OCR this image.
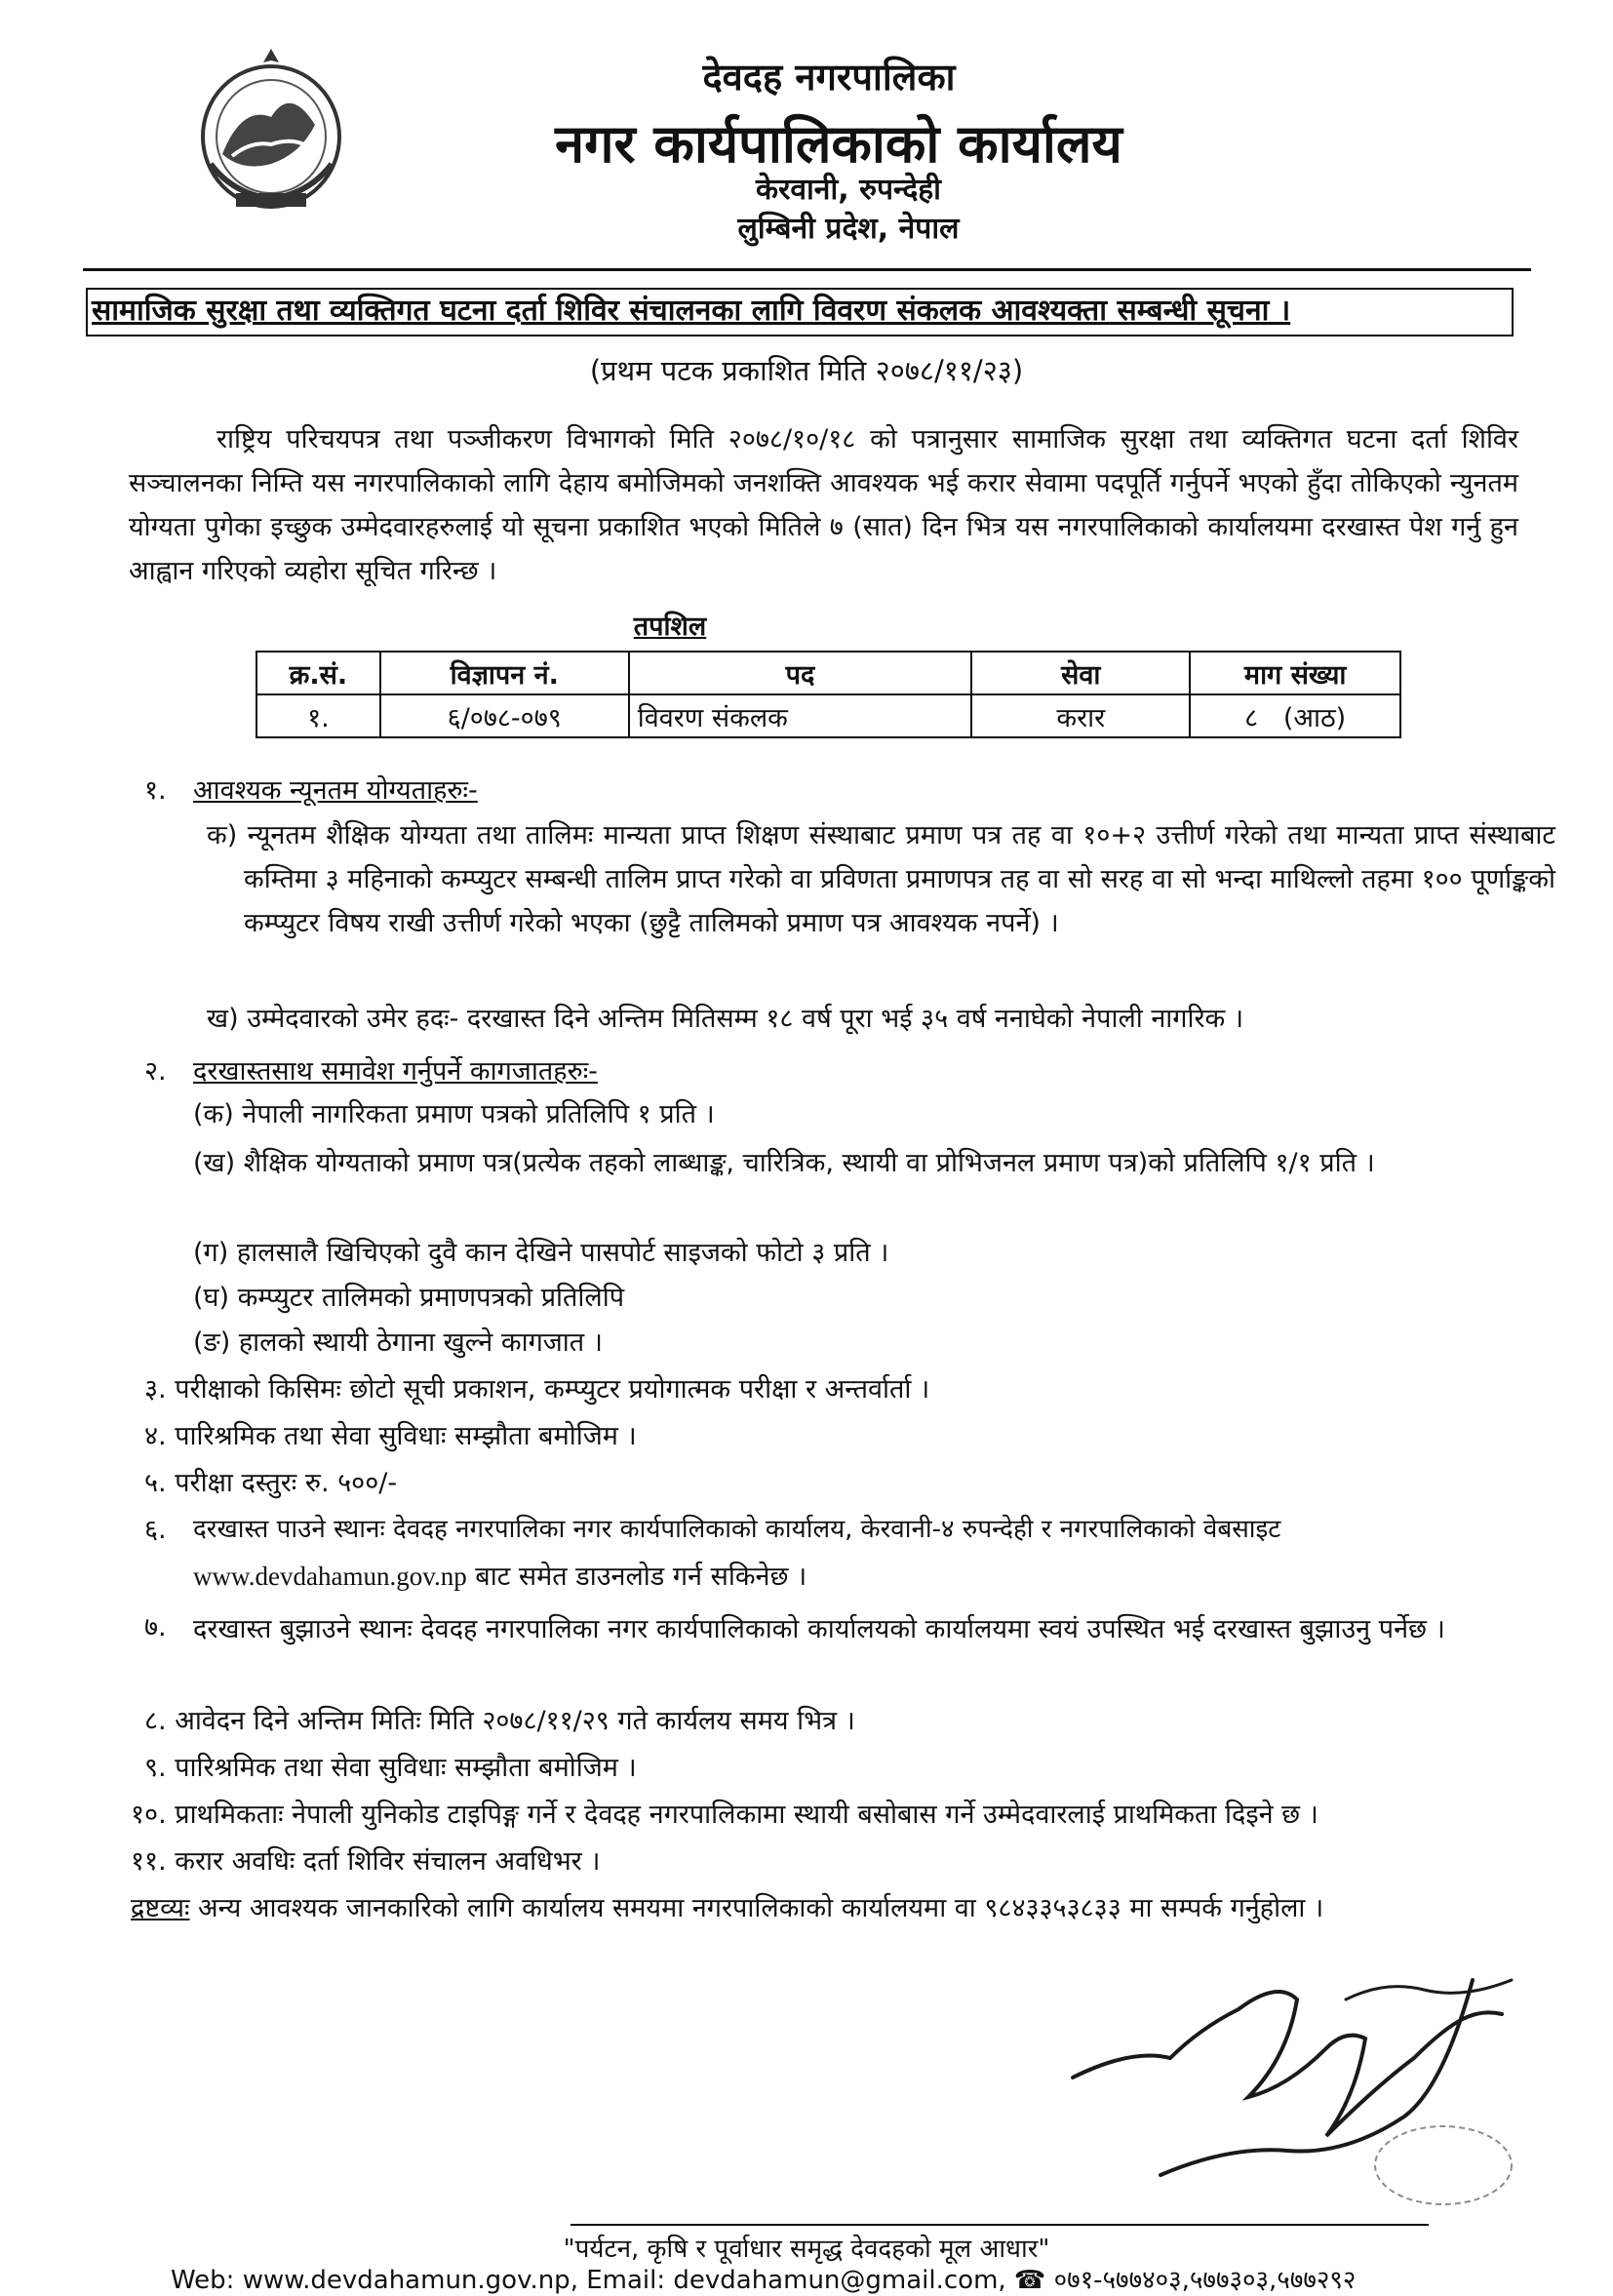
देवदह नगरपालिका
नगर कार्यपालिकाको कार्यालय
केरवानी, रुपन्देही
लुम्बिनी प्रदेश, नेपाल
सामाजिक सुरक्षा तथा व्यक्तिगत घटना दर्ता शिविर संचालनका लागि विवरण संकलक आवश्यक्ता सम्बन्धी सूचना ।
(प्रथम पटक प्रकाशित मिति २०७८/११/२३)
राष्ट्रिय परिचयपत्र तथा पञ्जीकरण विभागको मिति २०७८/१०/१८ को पत्रानुसार सामाजिक सुरक्षा तथा व्यक्तिगत घटना दर्ता शिविर सञ्चालनका निम्ति यस नगरपालिकाको लागि देहाय बमोजिमको जनशक्ति आवश्यक भई करार सेवामा पदपूर्ति गर्नुपर्ने भएको हुँदा तोकिएको न्युनतम योग्यता पुगेका इच्छुक उम्मेदवारहरुलाई यो सूचना प्रकाशित भएको मितिले ७ (सात) दिन भित्र यस नगरपालिकाको कार्यालयमा दरखास्त पेश गर्नु हुन आह्वान गरिएको व्यहोरा सूचित गरिन्छ ।
तपशिल
क्र.सं.	विज्ञापन नं.	पद	सेवा	माग संख्या
१.	६/०७८-०७९	विवरण संकलक	करार	८   (आठ)
१. आवश्यक न्यूनतम योग्यताहरुः-
क) न्यूनतम शैक्षिक योग्यता तथा तालिमः मान्यता प्राप्त शिक्षण संस्थाबाट प्रमाण पत्र तह वा १०+२ उत्तीर्ण गरेको तथा मान्यता प्राप्त संस्थाबाट कम्तिमा ३ महिनाको कम्प्युटर सम्बन्धी तालिम प्राप्त गरेको वा प्रविणता प्रमाणपत्र तह वा सो सरह वा सो भन्दा माथिल्लो तहमा १०० पूर्णाङ्कको कम्प्युटर विषय राखी उत्तीर्ण गरेको भएका (छुट्टै तालिमको प्रमाण पत्र आवश्यक नपर्ने) ।
ख) उम्मेदवारको उमेर हदः- दरखास्त दिने अन्तिम मितिसम्म १८ वर्ष पूरा भई ३५ वर्ष ननाघेको नेपाली नागरिक ।
२. दरखास्तसाथ समावेश गर्नुपर्ने कागजातहरुः-
(क) नेपाली नागरिकता प्रमाण पत्रको प्रतिलिपि १ प्रति ।
(ख) शैक्षिक योग्यताको प्रमाण पत्र(प्रत्येक तहको लाब्धाङ्क, चारित्रिक, स्थायी वा प्रोभिजनल प्रमाण पत्र)को प्रतिलिपि १/१ प्रति ।
(ग) हालसालै खिचिएको दुवै कान देखिने पासपोर्ट साइजको फोटो ३ प्रति ।
(घ) कम्प्युटर तालिमको प्रमाणपत्रको प्रतिलिपि
(ङ) हालको स्थायी ठेगाना खुल्ने कागजात ।
३. परीक्षाको किसिमः छोटो सूची प्रकाशन, कम्प्युटर प्रयोगात्मक परीक्षा र अन्तर्वार्ता ।
४. पारिश्रमिक तथा सेवा सुविधाः सम्झौता बमोजिम ।
५. परीक्षा दस्तुरः रु. ५००/-
६. दरखास्त पाउने स्थानः देवदह नगरपालिका नगर कार्यपालिकाको कार्यालय, केरवानी-४ रुपन्देही र नगरपालिकाको वेबसाइट
www.devdahamun.gov.np बाट समेत डाउनलोड गर्न सकिनेछ ।
७. दरखास्त बुझाउने स्थानः देवदह नगरपालिका नगर कार्यपालिकाको कार्यालयको कार्यालयमा स्वयं उपस्थित भई दरखास्त बुझाउनु पर्नेछ ।
८. आवेदन दिने अन्तिम मितिः मिति २०७८/११/२९ गते कार्यलय समय भित्र ।
९. पारिश्रमिक तथा सेवा सुविधाः सम्झौता बमोजिम ।
१०. प्राथमिकताः नेपाली युनिकोड टाइपिङ्ग गर्ने र देवदह नगरपालिकामा स्थायी बसोबास गर्ने उम्मेदवारलाई प्राथमिकता दिइने छ ।
११. करार अवधिः दर्ता शिविर संचालन अवधिभर ।
द्रष्टव्यः अन्य आवश्यक जानकारिको लागि कार्यालय समयमा नगरपालिकाको कार्यालयमा वा ९८४३३५३८३३ मा सम्पर्क गर्नुहोला ।
"पर्यटन, कृषि र पूर्वाधार समृद्ध देवदहको मूल आधार"
Web: www.devdahamun.gov.np, Email: devdahamun@gmail.com, ☎ ०७१-५७७४०३,५७७३०३,५७७२९२
